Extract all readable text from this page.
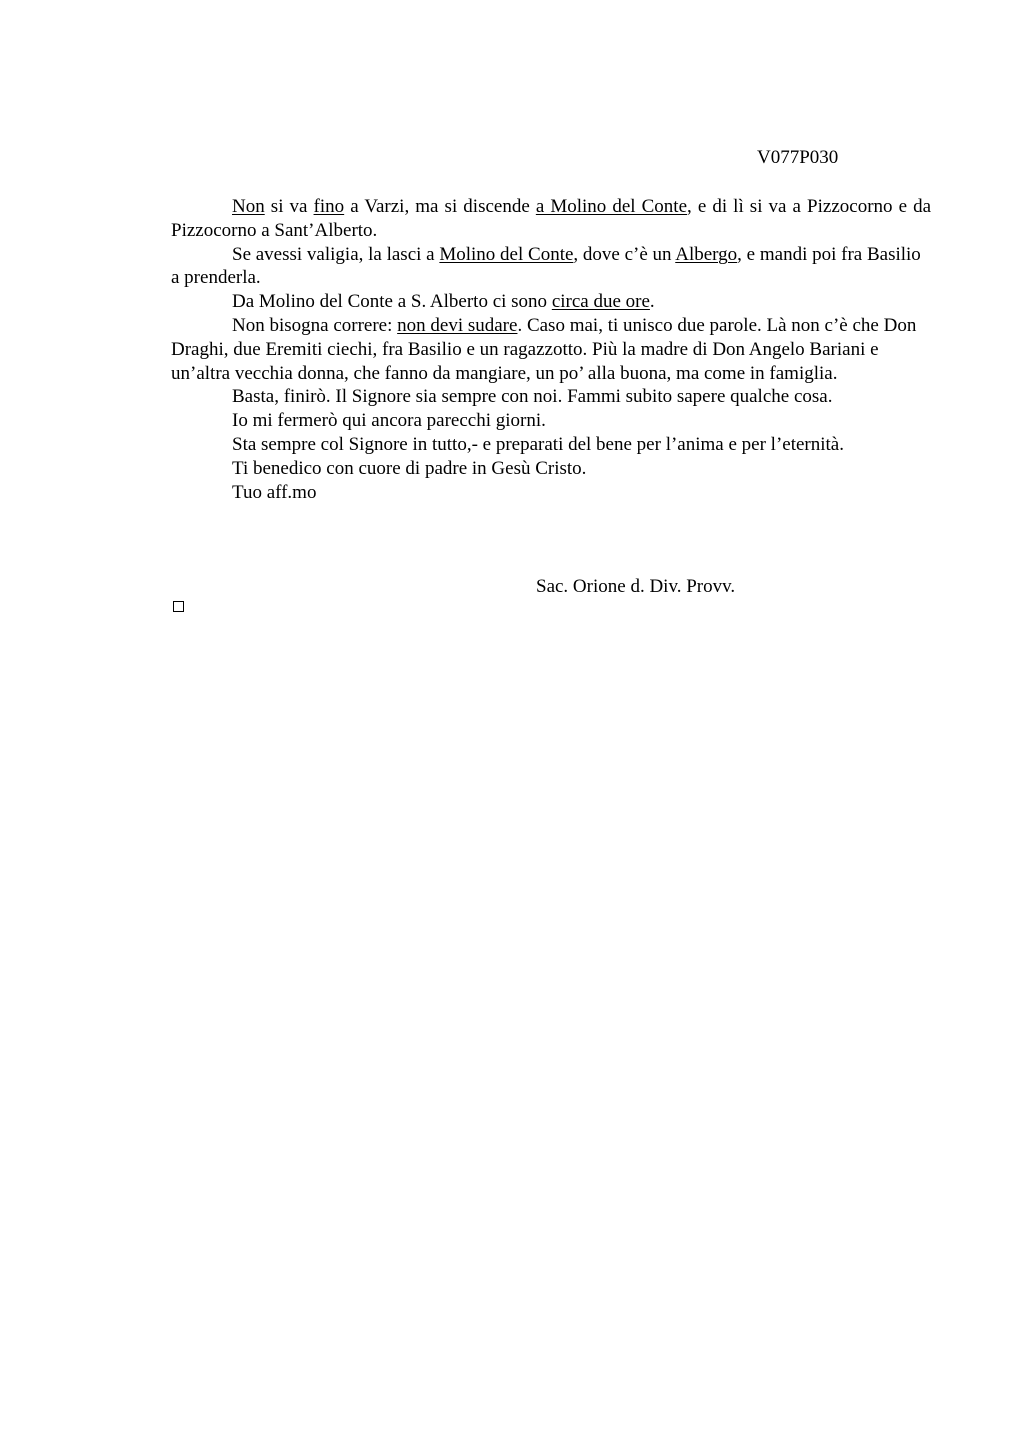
V077P030

Non si va fino a Varzi, ma si discende a Molino del Conte, e di lì si va a Pizzocorno e da Pizzocorno a Sant’Alberto.

Se avessi valigia, la lasci a Molino del Conte, dove c’è un Albergo, e mandi poi fra Basilio a prenderla.

Da Molino del Conte a S. Alberto ci sono circa due ore.

Non bisogna correre: non devi sudare. Caso mai, ti unisco due parole. Là non c’è che Don Draghi, due Eremiti ciechi, fra Basilio e un ragazzotto. Più la madre di Don Angelo Bariani e un’altra vecchia donna, che fanno da mangiare, un po’ alla buona, ma come in famiglia.

Basta, finirò. Il Signore sia sempre con noi. Fammi subito sapere qualche cosa.

Io mi fermerò qui ancora parecchi giorni.

Sta sempre col Signore in tutto,- e preparati del bene per l’anima e per l’eternità.

Ti benedico con cuore di padre in Gesù Cristo.

Tuo aff.mo

Sac. Orione d. Div. Provv.
